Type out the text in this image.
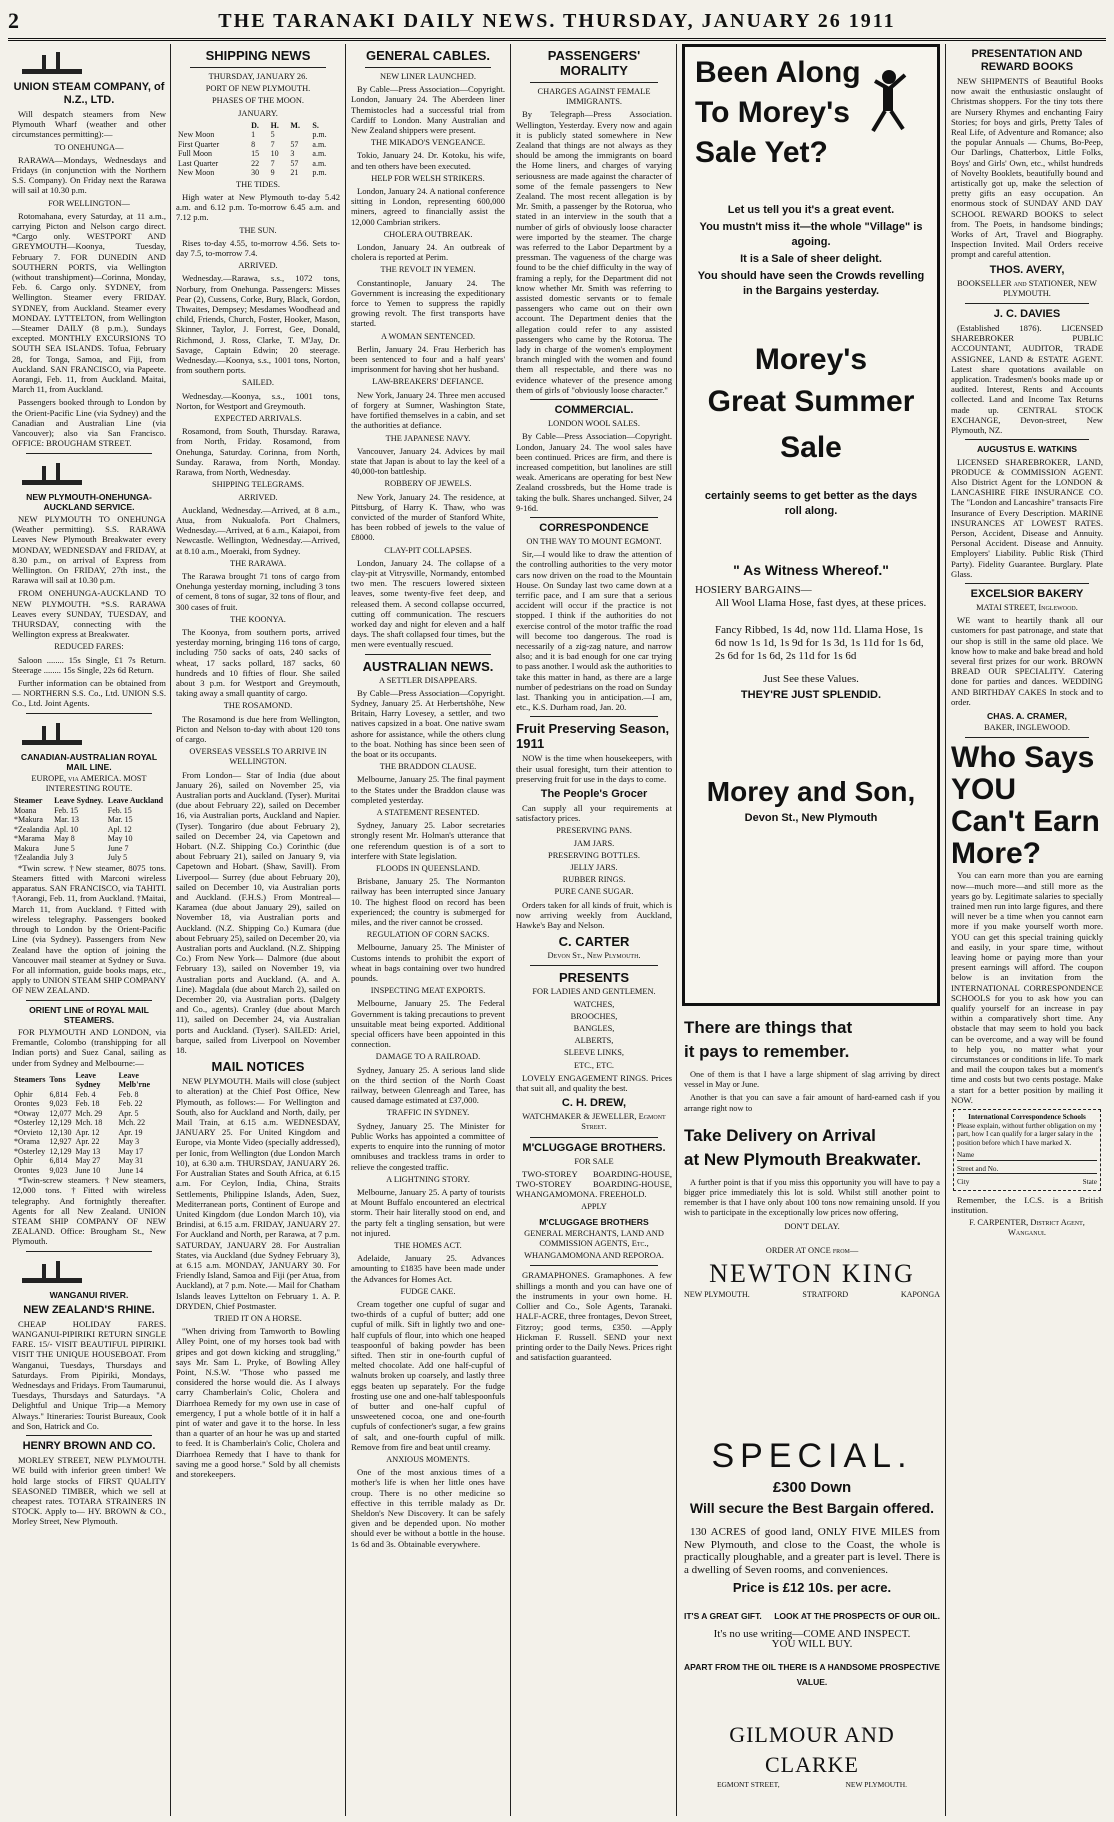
2	THE TARANAKI DAILY NEWS. THURSDAY, JANUARY 26 1911
UNION STEAM COMPANY, of N.Z., LTD.

Will despatch steamers from New Plymouth Wharf (weather and other circumstances permitting):—

TO ONEHUNGA—

RARAWA—Mondays, Wednesdays and Fridays (in conjunction with the Northern S.S. Company). On Friday next the Rarawa will sail at 10.30 p.m.

FOR WELLINGTON—

Rotomahana, every Saturday, at 11 a.m., carrying Picton and Nelson cargo direct. *Cargo only. WESTPORT AND GREYMOUTH—Koonya, Tuesday, February 7. FOR DUNEDIN AND SOUTHERN PORTS, via Wellington (without transhipment)—Corinna, Monday, Feb. 6. Cargo only. SYDNEY, from Wellington. Steamer every FRIDAY. SYDNEY, from Auckland. Steamer every MONDAY. LYTTELTON, from Wellington—Steamer DAILY (8 p.m.), Sundays excepted. MONTHLY EXCURSIONS TO SOUTH SEA ISLANDS. Tofua, February 28, for Tonga, Samoa, and Fiji, from Auckland. SAN FRANCISCO, via Papeete. Aorangi, Feb. 11, from Auckland. Maitai, March 11, from Auckland.

Passengers booked through to London by the Orient-Pacific Line (via Sydney) and the Canadian and Australian Line (via Vancouver); also via San Francisco. OFFICE: BROUGHAM STREET.

NEW PLYMOUTH-ONEHUNGA-AUCKLAND SERVICE.

NEW PLYMOUTH TO ONEHUNGA (Weather permitting). S.S. RARAWA Leaves New Plymouth Breakwater every MONDAY, WEDNESDAY and FRIDAY, at 8.30 p.m., on arrival of Express from Wellington. On FRIDAY, 27th inst., the Rarawa will sail at 10.30 p.m.

FROM ONEHUNGA-AUCKLAND TO NEW PLYMOUTH. *S.S. RARAWA Leaves every SUNDAY, TUESDAY, and THURSDAY, connecting with the Wellington express at Breakwater.

REDUCED FARES:

Saloon ........ 15s Single, £1 7s Return. Steerage ........ 15s Single, 22s 6d Return.

Further information can be obtained from— NORTHERN S.S. Co., Ltd. UNION S.S. Co., Ltd. Joint Agents.

CANADIAN-AUSTRALIAN ROYAL MAIL LINE.
EUROPE, via AMERICA. MOST INTERESTING ROUTE.
Steamer	Leave Sydney.	Leave Auckland
Moana	Feb. 15	Feb. 15
*Makura	Mar. 13	Mar. 15
*Zealandia	Apl. 10	Apl. 12
*Marama	May 8	May 10
Makura	June 5	June 7
†Zealandia	July 3	July 5

*Twin screw. †New steamer, 8075 tons. Steamers fitted with Marconi wireless apparatus. SAN FRANCISCO, via TAHITI. †Aorangi, Feb. 11, from Auckland. †Maitai, March 11, from Auckland. †Fitted with wireless telegraphy. Passengers booked through to London by the Orient-Pacific Line (via Sydney). Passengers from New Zealand have the option of joining the Vancouver mail steamer at Sydney or Suva. For all information, guide books maps, etc., apply to UNION STEAM SHIP COMPANY OF NEW ZEALAND.

ORIENT LINE of ROYAL MAIL STEAMERS.

FOR PLYMOUTH AND LONDON, via Fremantle, Colombo (transhipping for all Indian ports) and Suez Canal, sailing as under from Sydney and Melbourne:—

Steamers	Tons	Leave Sydney	Leave Melb'rne
Ophir	6,814	Feb. 4	Feb. 8
Orontes	9,023	Feb. 18	Feb. 22
*Otway	12,077	Mch. 29	Apr. 5
*Osterley	12,129	Mch. 18	Mch. 22
*Orvieto	12,130	Apr. 12	Apr. 19
*Orama	12,927	Apr. 22	May 3
*Osterley	12,129	May 13	May 17
Ophir	6,814	May 27	May 31
Orontes	9,023	June 10	June 14

*Twin-screw steamers. †New steamers, 12,000 tons. †Fitted with wireless telegraphy. And fortnightly thereafter. Agents for all New Zealand. UNION STEAM SHIP COMPANY OF NEW ZEALAND. Office: Brougham St., New Plymouth.

WANGANUI RIVER.
NEW ZEALAND'S RHINE.

CHEAP HOLIDAY FARES. WANGANUI-PIPIRIKI RETURN SINGLE FARE. 15/- VISIT BEAUTIFUL PIPIRIKI. VISIT THE UNIQUE HOUSEBOAT. From Wanganui, Tuesdays, Thursdays and Saturdays. From Pipiriki, Mondays, Wednesdays and Fridays. From Taumarunui, Tuesdays, Thursdays and Saturdays. "A Delightful and Unique Trip—a Memory Always." Itineraries: Tourist Bureaux, Cook and Son, Hatrick and Co.

HENRY BROWN AND CO.

MORLEY STREET, NEW PLYMOUTH. WE build with inferior green timber! We hold large stocks of FIRST QUALITY SEASONED TIMBER, which we sell at cheapest rates. TOTARA STRAINERS IN STOCK. Apply to— HY. BROWN & CO., Morley Street, New Plymouth.

SHIPPING NEWS
THURSDAY, JANUARY 26.
PORT OF NEW PLYMOUTH.
PHASES OF THE MOON.
JANUARY.
	D.	H.	M.	S.
New Moon	1	5		p.m.
First Quarter	8	7	57	a.m.
Full Moon	15	10	3	a.m.
Last Quarter	22	7	57	a.m.
New Moon	30	9	21	p.m.
THE TIDES.

High water at New Plymouth to-day 5.42 a.m. and 6.12 p.m. To-morrow 6.45 a.m. and 7.12 p.m.

THE SUN.

Rises to-day 4.55, to-morrow 4.56. Sets to-day 7.5, to-morrow 7.4.

ARRIVED.

Wednesday.—Rarawa, s.s., 1072 tons, Norbury, from Onehunga. Passengers: Misses Pear (2), Cussens, Corke, Bury, Black, Gordon, Thwaites, Dempsey; Mesdames Woodhead and child, Friends, Church, Foster, Hooker, Mason, Skinner, Taylor, J. Forrest, Gee, Donald, Richmond, J. Ross, Clarke, T. M'Jay, Dr. Savage, Captain Edwin; 20 steerage. Wednesday.—Koonya, s.s., 1001 tons, Norton, from southern ports.

SAILED.

Wednesday.—Koonya, s.s., 1001 tons, Norton, for Westport and Greymouth.

EXPECTED ARRIVALS.

Rosamond, from South, Thursday. Rarawa, from North, Friday. Rosamond, from Onehunga, Saturday. Corinna, from North, Sunday. Rarawa, from North, Monday. Rarawa, from North, Wednesday.

SHIPPING TELEGRAMS.
ARRIVED.

Auckland, Wednesday.—Arrived, at 8 a.m., Atua, from Nukualofa. Port Chalmers, Wednesday.—Arrived, at 6 a.m., Kaiapoi, from Newcastle. Wellington, Wednesday.—Arrived, at 8.10 a.m., Moeraki, from Sydney.

THE RARAWA.

The Rarawa brought 71 tons of cargo from Onehunga yesterday morning, including 3 tons of cement, 8 tons of sugar, 32 tons of flour, and 300 cases of fruit.

THE KOONYA.

The Koonya, from southern ports, arrived yesterday morning, bringing 116 tons of cargo, including 750 sacks of oats, 240 sacks of wheat, 17 sacks pollard, 187 sacks, 60 hundreds and 10 fifties of flour. She sailed about 3 p.m. for Westport and Greymouth, taking away a small quantity of cargo.

THE ROSAMOND.

The Rosamond is due here from Wellington, Picton and Nelson to-day with about 120 tons of cargo.

OVERSEAS VESSELS TO ARRIVE IN WELLINGTON.

From London— Star of India (due about January 26), sailed on November 25, via Australian ports and Auckland. (Tyser). Muritai (due about February 22), sailed on December 16, via Australian ports, Auckland and Napier. (Tyser). Tongariro (due about February 2), sailed on December 24, via Capetown and Hobart. (N.Z. Shipping Co.) Corinthic (due about February 21), sailed on January 9, via Capetown and Hobart. (Shaw, Savill). From Liverpool— Surrey (due about February 20), sailed on December 10, via Australian ports and Auckland. (F.H.S.) From Montreal— Karamea (due about January 29), sailed on November 18, via Australian ports and Auckland. (N.Z. Shipping Co.) Kumara (due about February 25), sailed on December 20, via Australian ports and Auckland. (N.Z. Shipping Co.) From New York— Dalmore (due about February 13), sailed on November 19, via Australian ports and Auckland. (A. and A. Line). Magdala (due about March 2), sailed on December 20, via Australian ports. (Dalgety and Co., agents). Cranley (due about March 11), sailed on December 24, via Australian ports and Auckland. (Tyser). SAILED: Ariel, barque, sailed from Liverpool on November 18.

MAIL NOTICES

NEW PLYMOUTH. Mails will close (subject to alteration) at the Chief Post Office, New Plymouth, as follows:— For Wellington and South, also for Auckland and North, daily, per Mail Train, at 6.15 a.m. WEDNESDAY, JANUARY 25. For United Kingdom and Europe, via Monte Video (specially addressed), per Ionic, from Wellington (due London March 10), at 6.30 a.m. THURSDAY, JANUARY 26. For Australian States and South Africa, at 6.15 a.m. For Ceylon, India, China, Straits Settlements, Philippine Islands, Aden, Suez, Mediterranean ports, Continent of Europe and United Kingdom (due London March 10), via Brindisi, at 6.15 a.m. FRIDAY, JANUARY 27. For Auckland and North, per Rarawa, at 7 p.m. SATURDAY, JANUARY 28. For Australian States, via Auckland (due Sydney February 3), at 6.15 a.m. MONDAY, JANUARY 30. For Friendly Island, Samoa and Fiji (per Atua, from Auckland), at 7 p.m. Note.— Mail for Chatham Islands leaves Lyttelton on February 1. A. P. DRYDEN, Chief Postmaster.

TRIED IT ON A HORSE.

"When driving from Tamworth to Bowling Alley Point, one of my horses took bad with gripes and got down kicking and struggling," says Mr. Sam L. Pryke, of Bowling Alley Point, N.S.W. "Those who passed me considered the horse would die. As I always carry Chamberlain's Colic, Cholera and Diarrhoea Remedy for my own use in case of emergency, I put a whole bottle of it in half a pint of water and gave it to the horse. In less than a quarter of an hour he was up and started to feed. It is Chamberlain's Colic, Cholera and Diarrhoea Remedy that I have to thank for saving me a good horse." Sold by all chemists and storekeepers.

GENERAL CABLES.
NEW LINER LAUNCHED.

By Cable—Press Association—Copyright. London, January 24. The Aberdeen liner Themistocles had a successful trial from Cardiff to London. Many Australian and New Zealand shippers were present.

THE MIKADO'S VENGEANCE.

Tokio, January 24. Dr. Kotoku, his wife, and ten others have been executed.

HELP FOR WELSH STRIKERS.

London, January 24. A national conference sitting in London, representing 600,000 miners, agreed to financially assist the 12,000 Cambrian strikers.

CHOLERA OUTBREAK.

London, January 24. An outbreak of cholera is reported at Perim.

THE REVOLT IN YEMEN.

Constantinople, January 24. The Government is increasing the expeditionary force to Yemen to suppress the rapidly growing revolt. The first transports have started.

A WOMAN SENTENCED.

Berlin, January 24. Frau Herberich has been sentenced to four and a half years' imprisonment for having shot her husband.

LAW-BREAKERS' DEFIANCE.

New York, January 24. Three men accused of forgery at Sumner, Washington State, have fortified themselves in a cabin, and set the authorities at defiance.

THE JAPANESE NAVY.

Vancouver, January 24. Advices by mail state that Japan is about to lay the keel of a 40,000-ton battleship.

ROBBERY OF JEWELS.

New York, January 24. The residence, at Pittsburg, of Harry K. Thaw, who was convicted of the murder of Stanford White, has been robbed of jewels to the value of £8000.

CLAY-PIT COLLAPSES.

London, January 24. The collapse of a clay-pit at Vitrysville, Normandy, entombed two men. The rescuers lowered sixteen leaves, some twenty-five feet deep, and released them. A second collapse occurred, cutting off communication. The rescuers worked day and night for eleven and a half days. The shaft collapsed four times, but the men were eventually rescued.

AUSTRALIAN NEWS.
A SETTLER DISAPPEARS.

By Cable—Press Association—Copyright. Sydney, January 25. At Herbertshöhe, New Britain, Harry Lovesey, a settler, and two natives capsized in a boat. One native swam ashore for assistance, while the others clung to the boat. Nothing has since been seen of the boat or its occupants.

THE BRADDON CLAUSE.

Melbourne, January 25. The final payment to the States under the Braddon clause was completed yesterday.

A STATEMENT RESENTED.

Sydney, January 25. Labor secretaries strongly resent Mr. Holman's utterance that one referendum question is of a sort to interfere with State legislation.

FLOODS IN QUEENSLAND.

Brisbane, January 25. The Normanton railway has been interrupted since January 10. The highest flood on record has been experienced; the country is submerged for miles, and the river cannot be crossed.

REGULATION OF CORN SACKS.

Melbourne, January 25. The Minister of Customs intends to prohibit the export of wheat in bags containing over two hundred pounds.

INSPECTING MEAT EXPORTS.

Melbourne, January 25. The Federal Government is taking precautions to prevent unsuitable meat being exported. Additional special officers have been appointed in this connection.

DAMAGE TO A RAILROAD.

Sydney, January 25. A serious land slide on the third section of the North Coast railway, between Glenreagh and Taree, has caused damage estimated at £37,000.

TRAFFIC IN SYDNEY.

Sydney, January 25. The Minister for Public Works has appointed a committee of experts to enquire into the running of motor omnibuses and trackless trams in order to relieve the congested traffic.

A LIGHTNING STORY.

Melbourne, January 25. A party of tourists at Mount Buffalo encountered an electrical storm. Their hair literally stood on end, and the party felt a tingling sensation, but were not injured.

THE HOMES ACT.

Adelaide, January 25. Advances amounting to £1835 have been made under the Advances for Homes Act.

FUDGE CAKE.

Cream together one cupful of sugar and two-thirds of a cupful of butter; add one cupful of milk. Sift in lightly two and one-half cupfuls of flour, into which one heaped teaspoonful of baking powder has been sifted. Then stir in one-fourth cupful of melted chocolate. Add one half-cupful of walnuts broken up coarsely, and lastly three eggs beaten up separately. For the fudge frosting use one and one-half tablespoonfuls of butter and one-half cupful of unsweetened cocoa, one and one-fourth cupfuls of confectioner's sugar, a few grains of salt, and one-fourth cupful of milk. Remove from fire and beat until creamy.

ANXIOUS MOMENTS.

One of the most anxious times of a mother's life is when her little ones have croup. There is no other medicine so effective in this terrible malady as Dr. Sheldon's New Discovery. It can be safely given and be depended upon. No mother should ever be without a bottle in the house. 1s 6d and 3s. Obtainable everywhere.

PASSENGERS' MORALITY
CHARGES AGAINST FEMALE IMMIGRANTS.

By Telegraph—Press Association. Wellington, Yesterday. Every now and again it is publicly stated somewhere in New Zealand that things are not always as they should be among the immigrants on board the Home liners, and charges of varying seriousness are made against the character of some of the female passengers to New Zealand. The most recent allegation is by Mr. Smith, a passenger by the Rotorua, who stated in an interview in the south that a number of girls of obviously loose character were imported by the steamer. The charge was referred to the Labor Department by a pressman. The vagueness of the charge was found to be the chief difficulty in the way of framing a reply, for the Department did not know whether Mr. Smith was referring to assisted domestic servants or to female passengers who came out on their own account. The Department denies that the allegation could refer to any assisted passengers who came by the Rotorua. The lady in charge of the women's employment branch mingled with the women and found them all respectable, and there was no evidence whatever of the presence among them of girls of "obviously loose character."

COMMERCIAL.
LONDON WOOL SALES.

By Cable—Press Association—Copyright. London, January 24. The wool sales have been continued. Prices are firm, and there is increased competition, but lanolines are still weak. Americans are operating for best New Zealand crossbreds, but the Home trade is taking the bulk. Shares unchanged. Silver, 24 9-16d.

CORRESPONDENCE
ON THE WAY TO MOUNT EGMONT.

Sir,—I would like to draw the attention of the controlling authorities to the very motor cars now driven on the road to the Mountain House. On Sunday last two came down at a terrific pace, and I am sure that a serious accident will occur if the practice is not stopped. I think if the authorities do not exercise control of the motor traffic the road will become too dangerous. The road is necessarily of a zig-zag nature, and narrow also; and it is bad enough for one car trying to pass another. I would ask the authorities to take this matter in hand, as there are a large number of pedestrians on the road on Sunday last. Thanking you in anticipation.—I am, etc., K.S. Durham road, Jan. 20.

Fruit Preserving Season, 1911

NOW is the time when housekeepers, with their usual foresight, turn their attention to preserving fruit for use in the days to come.

The People's Grocer

Can supply all your requirements at satisfactory prices.

PRESERVING PANS.
JAM JARS.
PRESERVING BOTTLES.
JELLY JARS.
RUBBER RINGS.
PURE CANE SUGAR.

Orders taken for all kinds of fruit, which is now arriving weekly from Auckland, Hawke's Bay and Nelson.

C. CARTER
Devon St., New Plymouth.
PRESENTS
FOR LADIES AND GENTLEMEN.
WATCHES,
BROOCHES,
BANGLES,
ALBERTS,
SLEEVE LINKS,
ETC., ETC.

LOVELY ENGAGEMENT RINGS. Prices that suit all, and quality the best.

C. H. DREW,
WATCHMAKER & JEWELLER, Egmont Street.
M'CLUGGAGE BROTHERS.
FOR SALE

TWO-STOREY BOARDING-HOUSE, TWO-STOREY BOARDING-HOUSE, WHANGAMOMONA. FREEHOLD.

APPLY
M'CLUGGAGE BROTHERS
GENERAL MERCHANTS, LAND AND COMMISSION AGENTS, Etc.,
WHANGAMOMONA AND REPOROA.

GRAMAPHONES. Gramaphones. A few shillings a month and you can have one of the instruments in your own home. H. Collier and Co., Sole Agents, Taranaki. HALF-ACRE, three frontages, Devon Street, Fitzroy; good terms, £350. —Apply Hickman F. Russell. SEND your next printing order to the Daily News. Prices right and satisfaction guaranteed.

Been Along
To Morey's
Sale Yet?
Let us tell you it's a great event.
You mustn't miss it—the whole "Village" is agoing.
It is a Sale of sheer delight.
You should have seen the Crowds revelling in the Bargains yesterday.
Morey's
Great Summer Sale
certainly seems to get better as the days roll along.
" As Witness Whereof."
HOSIERY BARGAINS—
All Wool Llama Hose, fast dyes, at these prices.
Fancy Ribbed, 1s 4d, now 11d. Llama Hose, 1s 6d now 1s 1d, 1s 9d for 1s 3d, 1s 11d for 1s 6d, 2s 6d for 1s 6d, 2s 11d for 1s 6d
Just See these Values.
THEY'RE JUST SPLENDID.
Morey and Son,
Devon St., New Plymouth
There are things that
it pays to remember.

One of them is that I have a large shipment of slag arriving by direct vessel in May or June.

Another is that you can save a fair amount of hard-earned cash if you arrange right now to

Take Delivery on Arrival
at New Plymouth Breakwater.

A further point is that if you miss this opportunity you will have to pay a bigger price immediately this lot is sold. Whilst still another point to remember is that I have only about 100 tons now remaining unsold. If you wish to participate in the exceptionally low prices now offering,

DON'T DELAY.
ORDER AT ONCE from—
NEWTON KING
NEW PLYMOUTH.	STRATFORD	KAPONGA
SPECIAL.
£300 Down
Will secure the Best Bargain offered.

130 ACRES of good land, ONLY FIVE MILES from New Plymouth, and close to the Coast, the whole is practically ploughable, and a greater part is level. There is a dwelling of Seven rooms, and conveniences.

Price is £12 10s. per acre.
IT'S A GREAT GIFT. LOOK AT THE PROSPECTS OF OUR OIL.
It's no use writing—COME AND INSPECT.
YOU WILL BUY.
APART FROM THE OIL THERE IS A HANDSOME PROSPECTIVE VALUE.
GILMOUR AND CLARKE
EGMONT STREET,	NEW PLYMOUTH.
PRESENTATION AND REWARD BOOKS

NEW SHIPMENTS of Beautiful Books now await the enthusiastic onslaught of Christmas shoppers. For the tiny tots there are Nursery Rhymes and enchanting Fairy Stories; for boys and girls, Pretty Tales of Real Life, of Adventure and Romance; also the popular Annuals — Chums, Bo-Peep, Our Darlings, Chatterbox, Little Folks, Boys' and Girls' Own, etc., whilst hundreds of Novelty Booklets, beautifully bound and artistically got up, make the selection of pretty gifts an easy occupation. An enormous stock of SUNDAY AND DAY SCHOOL REWARD BOOKS to select from. The Poets, in handsome bindings; Works of Art, Travel and Biography. Inspection Invited. Mail Orders receive prompt and careful attention.

THOS. AVERY,
BOOKSELLER and STATIONER, NEW PLYMOUTH.
J. C. DAVIES

(Established 1876). LICENSED SHAREBROKER PUBLIC ACCOUNTANT, AUDITOR, TRADE ASSIGNEE, LAND & ESTATE AGENT. Latest share quotations available on application. Tradesmen's books made up or audited. Interest, Rents and Accounts collected. Land and Income Tax Returns made up. CENTRAL STOCK EXCHANGE, Devon-street, New Plymouth, NZ.

AUGUSTUS E. WATKINS

LICENSED SHAREBROKER, LAND, PRODUCE & COMMISSION AGENT. Also District Agent for the LONDON & LANCASHIRE FIRE INSURANCE CO. The "London and Lancashire" transacts Fire Insurance of Every Description. MARINE INSURANCES AT LOWEST RATES. Person, Accident, Disease and Annuity. Personal Accident. Disease and Annuity. Employers' Liability. Public Risk (Third Party). Fidelity Guarantee. Burglary. Plate Glass.

EXCELSIOR BAKERY
MATAI STREET, Inglewood.

WE want to heartily thank all our customers for past patronage, and state that our shop is still in the same old place. We know how to make and bake bread and hold several first prizes for our work. BROWN BREAD OUR SPECIALITY. Catering done for parties and dances. WEDDING AND BIRTHDAY CAKES In stock and to order.

CHAS. A. CRAMER,
BAKER, INGLEWOOD.
Who Says
YOU
Can't Earn
More?

You can earn more than you are earning now—much more—and still more as the years go by. Legitimate salaries to specially trained men run into large figures, and there will never be a time when you cannot earn more if you make yourself worth more. YOU can get this special training quickly and easily, in your spare time, without leaving home or paying more than your present earnings will afford. The coupon below is an invitation from the INTERNATIONAL CORRESPONDENCE SCHOOLS for you to ask how you can qualify yourself for an increase in pay within a comparatively short time. Any obstacle that may seem to hold you back can be overcome, and a way will be found to help you, no matter what your circumstances or conditions in life. To mark and mail the coupon takes but a moment's time and costs but two cents postage. Make a start for a better position by mailing it NOW.

International Correspondence Schools
Please explain, without further obligation on my part, how I can qualify for a larger salary in the position before which I have marked X.
Name
Street and No.
City	State

Remember, the I.C.S. is a British institution.

F. CARPENTER, District Agent, Wanganui.
